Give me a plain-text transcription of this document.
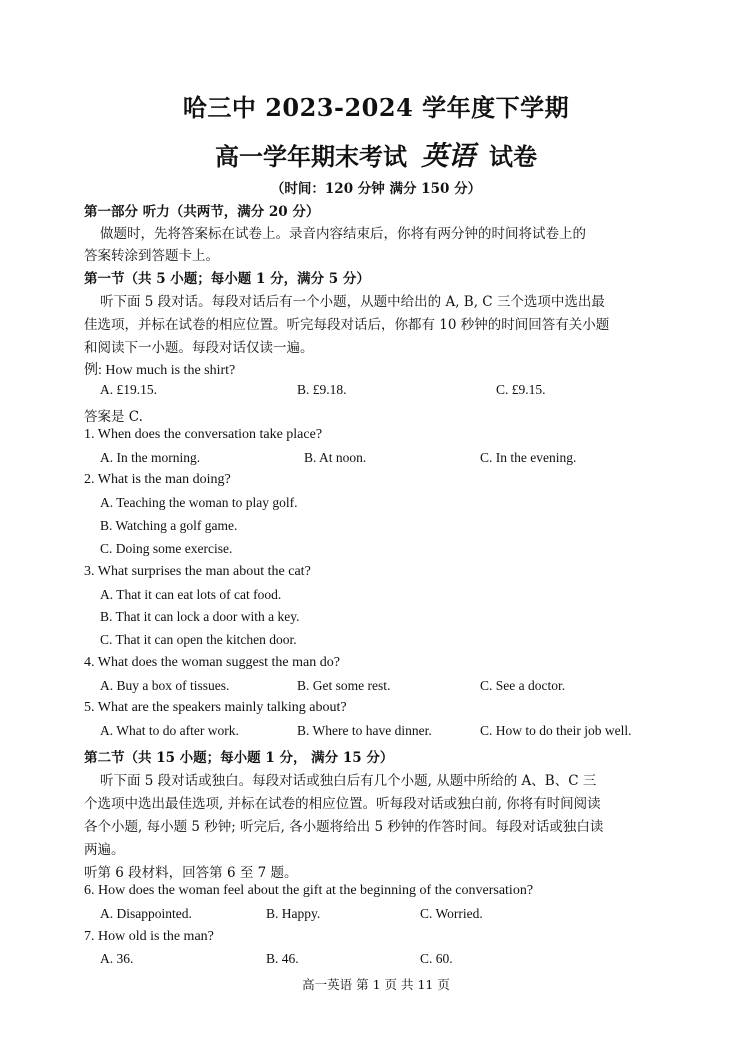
哈三中 2023-2024 学年度下学期
高一学年期末考试 英语 试卷
（时间：120 分钟 满分 150 分）
第一部分 听力（共两节，满分 20 分）
做题时，先将答案标在试卷上。录音内容结束后，你将有两分钟的时间将试卷上的
答案转涂到答题卡上。
第一节（共 5 小题；每小题 1 分，满分 5 分）
听下面 5 段对话。每段对话后有一个小题，从题中给出的 A, B, C 三个选项中选出最
佳选项，并标在试卷的相应位置。听完每段对话后，你都有 10 秒钟的时间回答有关小题
和阅读下一小题。每段对话仅读一遍。
例: How much is the shirt?
A. £19.15.	B. £9.18.	C. £9.15.
答案是 C.
1. When does the conversation take place?
A. In the morning.	B. At noon.	C. In the evening.
2. What is the man doing?
A. Teaching the woman to play golf.
B. Watching a golf game.
C. Doing some exercise.
3. What surprises the man about the cat?
A. That it can eat lots of cat food.
B. That it can lock a door with a key.
C. That it can open the kitchen door.
4. What does the woman suggest the man do?
A. Buy a box of tissues.	B. Get some rest.	C. See a doctor.
5. What are the speakers mainly talking about?
A. What to do after work.	B. Where to have dinner.	C. How to do their job well.
第二节（共 15 小题；每小题 1 分， 满分 15 分）
听下面 5 段对话或独白。每段对话或独白后有几个小题, 从题中所给的 A、B、C 三
个选项中选出最佳选项, 并标在试卷的相应位置。听每段对话或独白前, 你将有时间阅读
各个小题, 每小题 5 秒钟; 听完后, 各小题将给出 5 秒钟的作答时间。每段对话或独白读
两遍。
听第 6 段材料，回答第 6 至 7 题。
6. How does the woman feel about the gift at the beginning of the conversation?
A. Disappointed.	B. Happy.	C. Worried.
7. How old is the man?
A. 36.	B. 46.	C. 60.
高一英语 第 1 页 共 11 页
